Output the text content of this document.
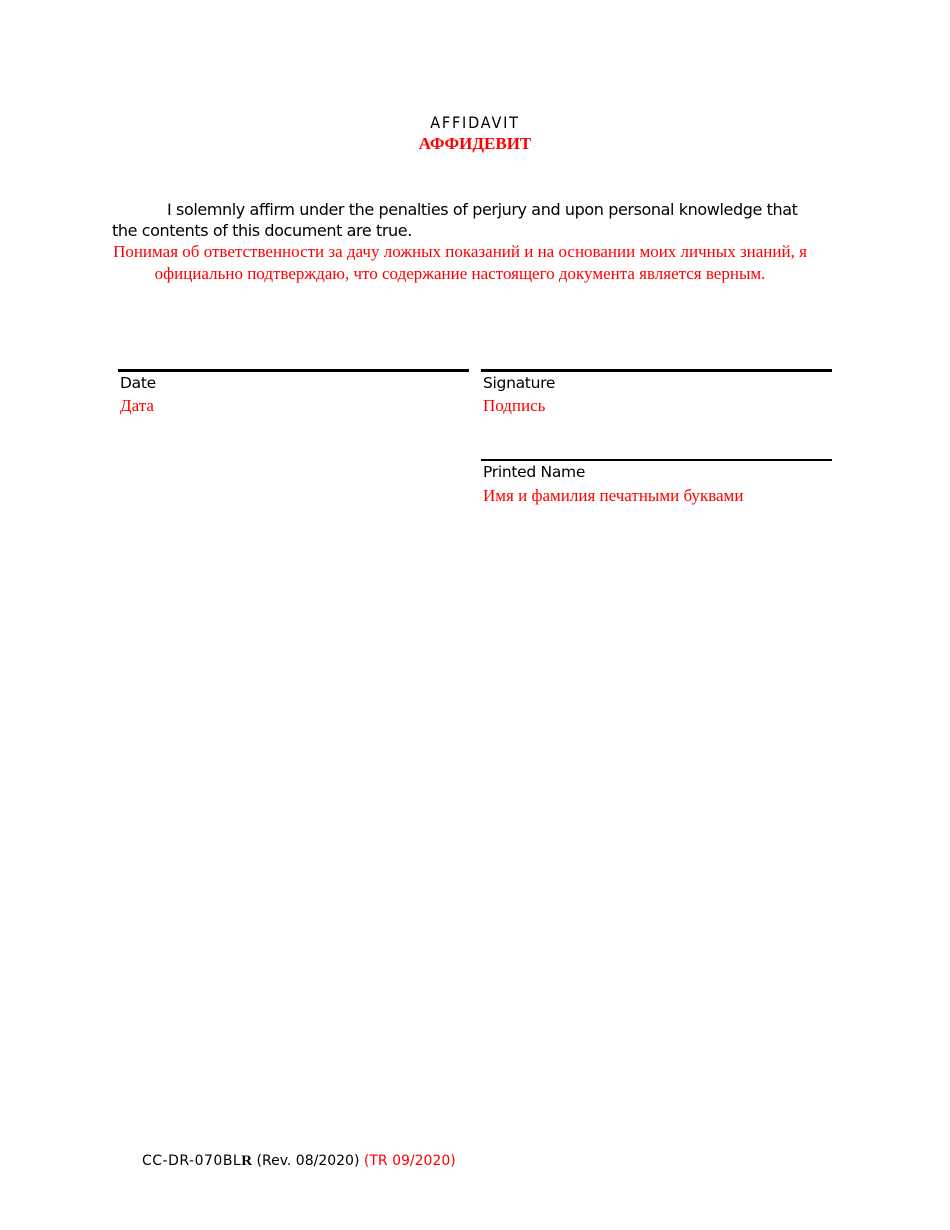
AFFIDAVIT
АФФИДЕВИТ
I solemnly affirm under the penalties of perjury and upon personal knowledge that the contents of this document are true.
Понимая об ответственности за дачу ложных показаний и на основании моих личных знаний, я официально подтверждаю, что содержание настоящего документа является верным.
Date
Дата
Signature
Подпись
Printed Name
Имя и фамилия печатными буквами
CC-DR-070BLR (Rev. 08/2020) (TR 09/2020)
